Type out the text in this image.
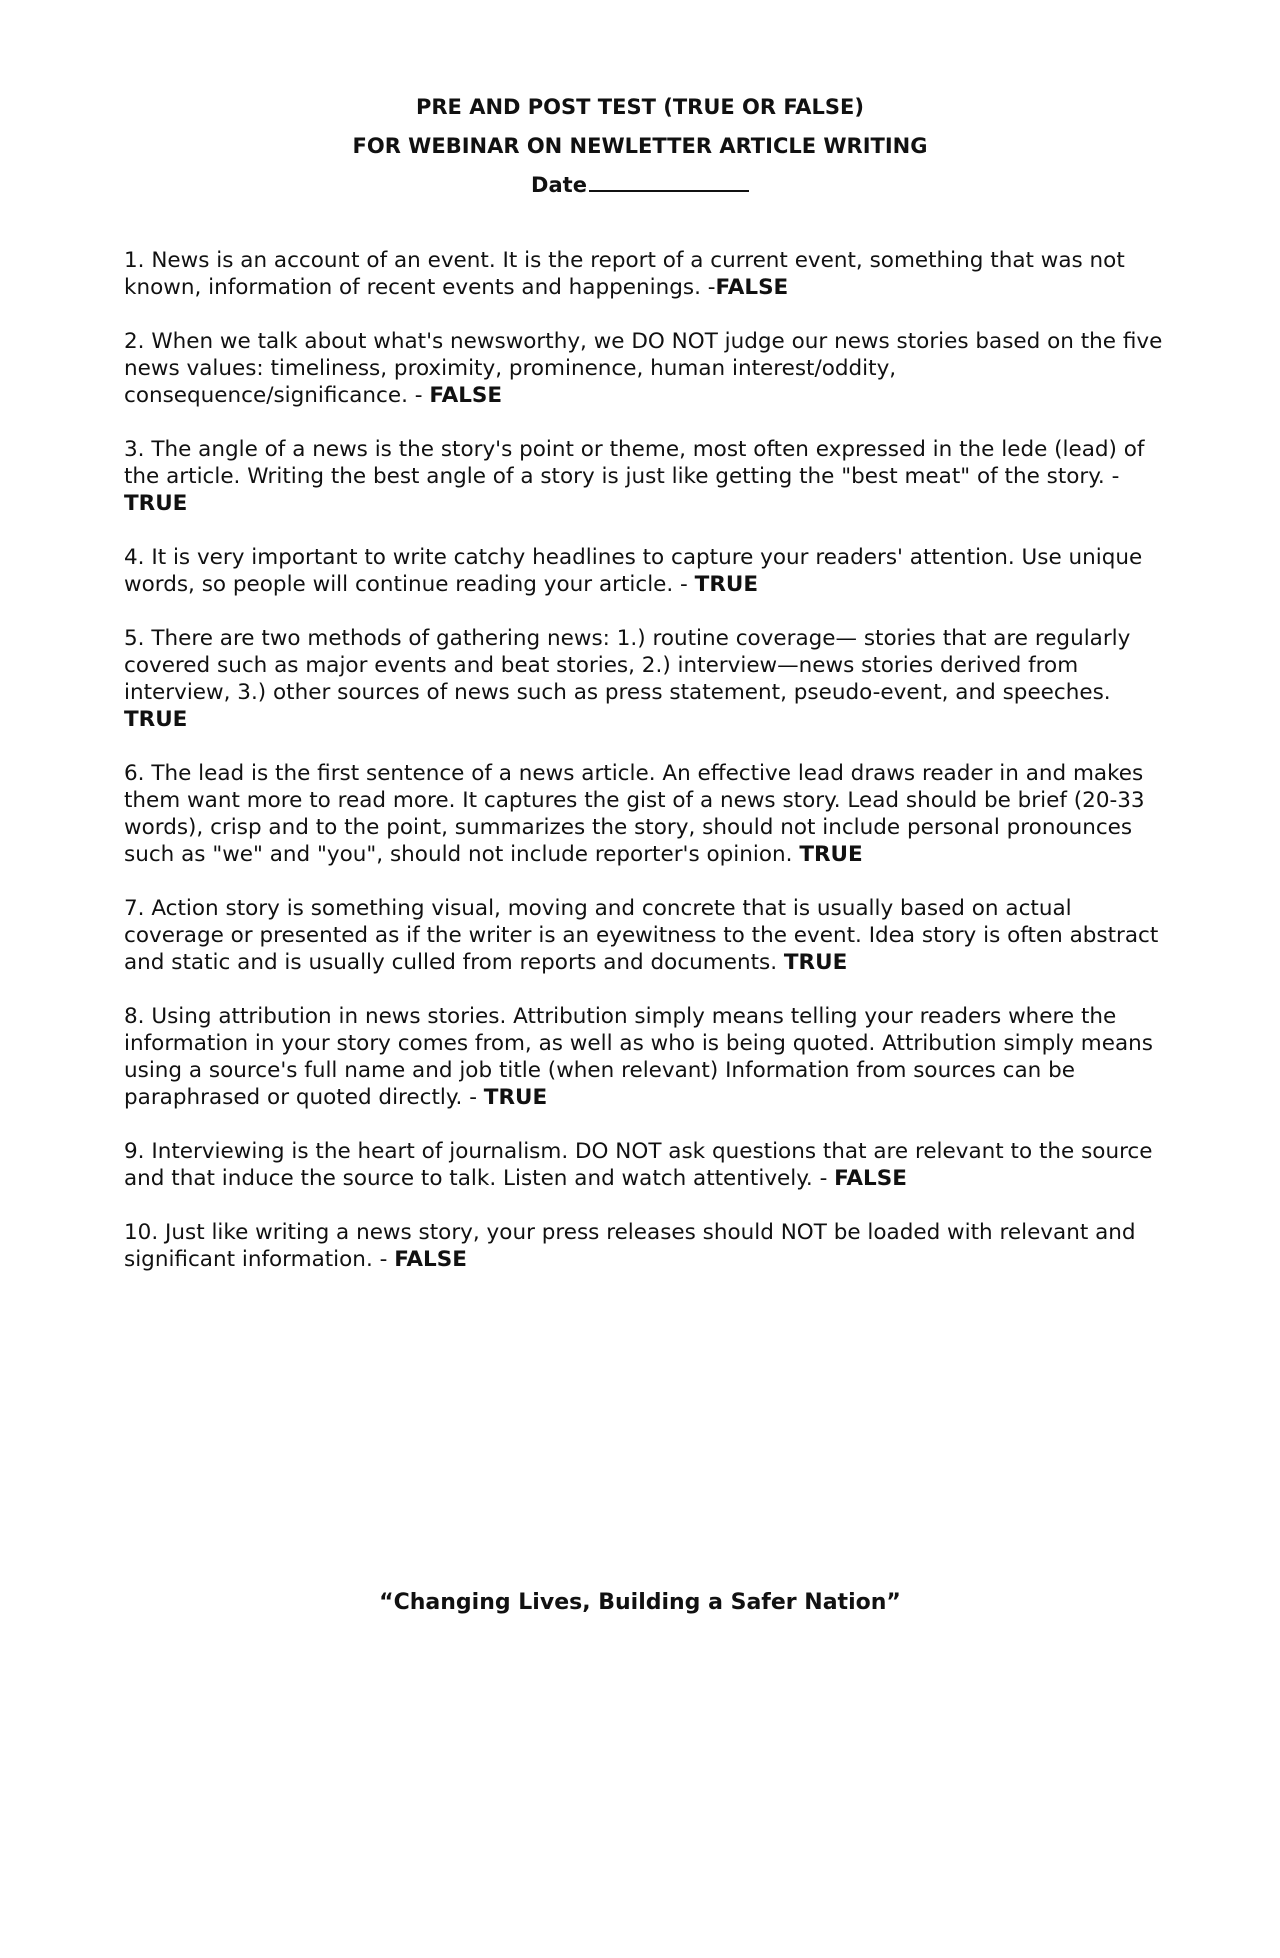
PRE AND POST TEST (TRUE OR FALSE)

FOR WEBINAR ON NEWLETTER ARTICLE WRITING

Date

1. News is an account of an event. It is the report of a current event, something that was not known, information of recent events and happenings. -FALSE

2. When we talk about what's newsworthy, we DO NOT judge our news stories based on the five news values: timeliness, proximity, prominence, human interest/oddity, consequence/significance. - FALSE

3. The angle of a news is the story's point or theme, most often expressed in the lede (lead) of the article. Writing the best angle of a story is just like getting the "best meat" of the story. - TRUE

4. It is very important to write catchy headlines to capture your readers' attention. Use unique words, so people will continue reading your article. - TRUE

5. There are two methods of gathering news: 1.) routine coverage— stories that are regularly covered such as major events and beat stories, 2.) interview—news stories derived from interview, 3.) other sources of news such as press statement, pseudo-event, and speeches. TRUE

6. The lead is the first sentence of a news article. An effective lead draws reader in and makes them want more to read more. It captures the gist of a news story. Lead should be brief (20-33 words), crisp and to the point, summarizes the story, should not include personal pronounces such as "we" and "you", should not include reporter's opinion. TRUE

7. Action story is something visual, moving and concrete that is usually based on actual coverage or presented as if the writer is an eyewitness to the event. Idea story is often abstract and static and is usually culled from reports and documents. TRUE

8. Using attribution in news stories. Attribution simply means telling your readers where the information in your story comes from, as well as who is being quoted. Attribution simply means using a source's full name and job title (when relevant) Information from sources can be paraphrased or quoted directly. - TRUE

9. Interviewing is the heart of journalism. DO NOT ask questions that are relevant to the source and that induce the source to talk. Listen and watch attentively. - FALSE

10. Just like writing a news story, your press releases should NOT be loaded with relevant and significant information. - FALSE

“Changing Lives, Building a Safer Nation”
